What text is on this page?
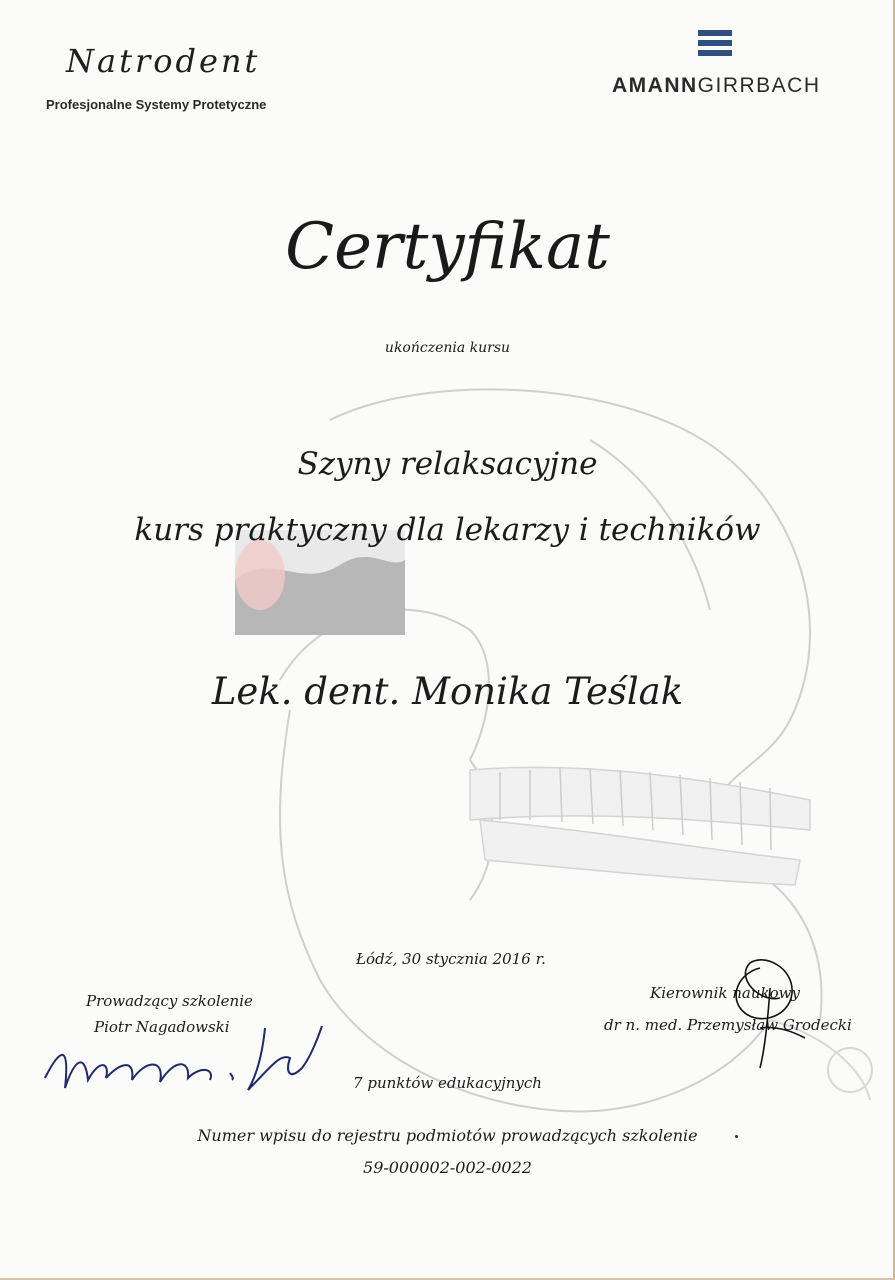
Natrodent
Profesjonalne Systemy Protetyczne
AMANNGIRRBACH
Certyfikat
ukończenia kursu
Szyny relaksacyjne
kurs praktyczny dla lekarzy i techników
Lek. dent. Monika Teślak
Łódź, 30 stycznia 2016 r.
Prowadzący szkolenie
Piotr Nagadowski
Kierownik naukowy
dr n. med. Przemysław Grodecki
7 punktów edukacyjnych
Numer wpisu do rejestru podmiotów prowadzących szkolenie
59-000002-002-0022
